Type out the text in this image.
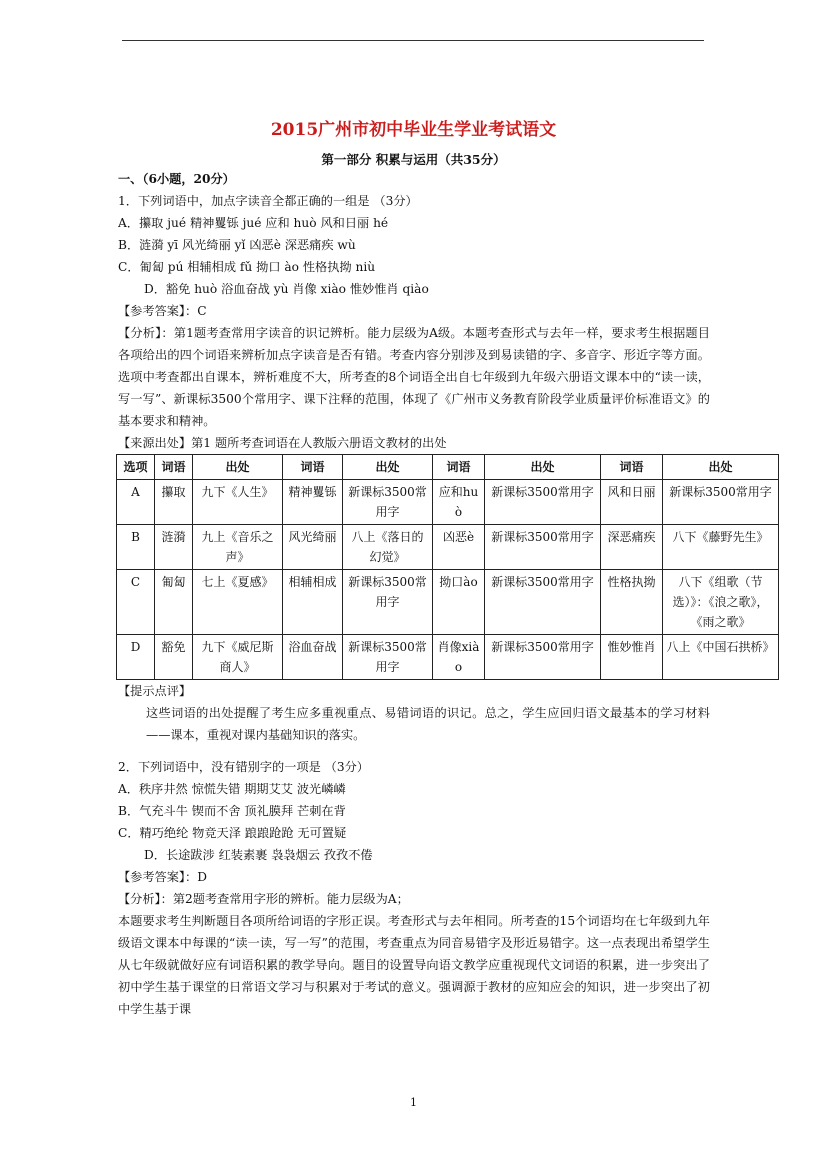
2015广州市初中毕业生学业考试语文
第一部分 积累与运用（共35分）
一、（6小题，20分）
1．下列词语中，加点字读音全都正确的一组是 （3分）
A．攥取 jué 精神矍铄 jué 应和 huò 风和日丽 hé
B．涟漪 yī 风光绮丽 yǐ 凶恶è 深恶痛疾 wù
C．匍匐 pú 相辅相成 fǔ 拗口 ào 性格执拗 niù
D．豁免 huò 浴血奋战 yù 肖像 xiào 惟妙惟肖 qiào
【参考答案】：C
【分析】：第1题考查常用字读音的识记辨析。能力层级为A级。本题考查形式与去年一样，要求考生根据题目各项给出的四个词语来辨析加点字读音是否有错。考查内容分别涉及到易读错的字、多音字、形近字等方面。选项中考查都出自课本，辨析难度不大，所考查的8个词语全出自七年级到九年级六册语文课本中的“读一读，写一写”、新课标3500个常用字、课下注释的范围，体现了《广州市义务教育阶段学业质量评价标准语文》的基本要求和精神。
【来源出处】第1 题所考查词语在人教版六册语文教材的出处
选项	词语	出处	词语	出处	词语	出处	词语	出处
A	攥取	九下《人生》	精神矍铄	新课标3500常用字	应和huò	新课标3500常用字	风和日丽	新课标3500常用字
B	涟漪	九上《音乐之声》	风光绮丽	八上《落日的幻觉》	凶恶è	新课标3500常用字	深恶痛疾	八下《藤野先生》
C	匍匐	七上《夏感》	相辅相成	新课标3500常用字	拗口ào	新课标3500常用字	性格执拗	八下《组歌（节选）》：《浪之歌》，《雨之歌》
D	豁免	九下《威尼斯商人》	浴血奋战	新课标3500常用字	肖像xiào	新课标3500常用字	惟妙惟肖	八上《中国石拱桥》
【提示点评】
这些词语的出处提醒了考生应多重视重点、易错词语的识记。总之，学生应回归语文最基本的学习材料——课本，重视对课内基础知识的落实。
2．下列词语中，没有错别字的一项是 （3分）
A．秩序井然 惊慌失错 期期艾艾 波光嶙嶙
B．气充斗牛 锲而不舍 顶礼膜拜 芒刺在背
C．精巧绝纶 物竞天泽 踉踉跄跄 无可置疑
D．长途跋涉 红装素裹 袅袅烟云 孜孜不倦
【参考答案】：D
【分析】：第2题考查常用字形的辨析。能力层级为A；
本题要求考生判断题目各项所给词语的字形正误。考查形式与去年相同。所考查的15个词语均在七年级到九年级语文课本中每课的“读一读，写一写”的范围，考查重点为同音易错字及形近易错字。这一点表现出希望学生从七年级就做好应有词语积累的教学导向。题目的设置导向语文教学应重视现代文词语的积累，进一步突出了初中学生基于课堂的日常语文学习与积累对于考试的意义。强调源于教材的应知应会的知识，进一步突出了初中学生基于课
1
